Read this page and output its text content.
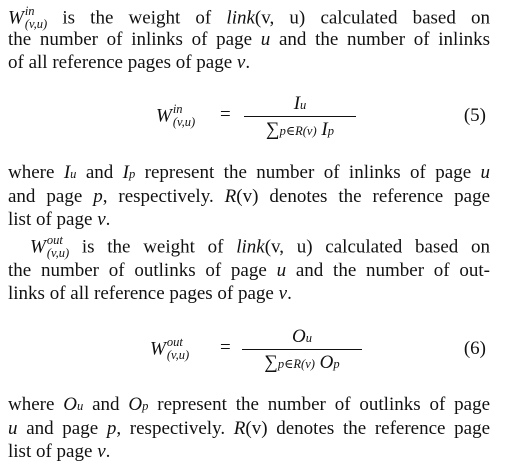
W in
(v,u) is the weight of link(v, u) calculated based on
the number of inlinks of page u and the number of inlinks
of all reference pages of page v.
W in
(v,u) =
Iu
∑p∈R(v) Ip
(5)
where Iu and Ip represent the number of inlinks of page u
and page p, respectively. R(v) denotes the reference page
list of page v.
W out
(v,u) is the weight of link(v, u) calculated based on
the number of outlinks of page u and the number of out-
links of all reference pages of page v.
W out
(v,u) =
Ou
∑p∈R(v) Op
(6)
where Ou and Op represent the number of outlinks of page
u and page p, respectively. R(v) denotes the reference page
list of page v.
